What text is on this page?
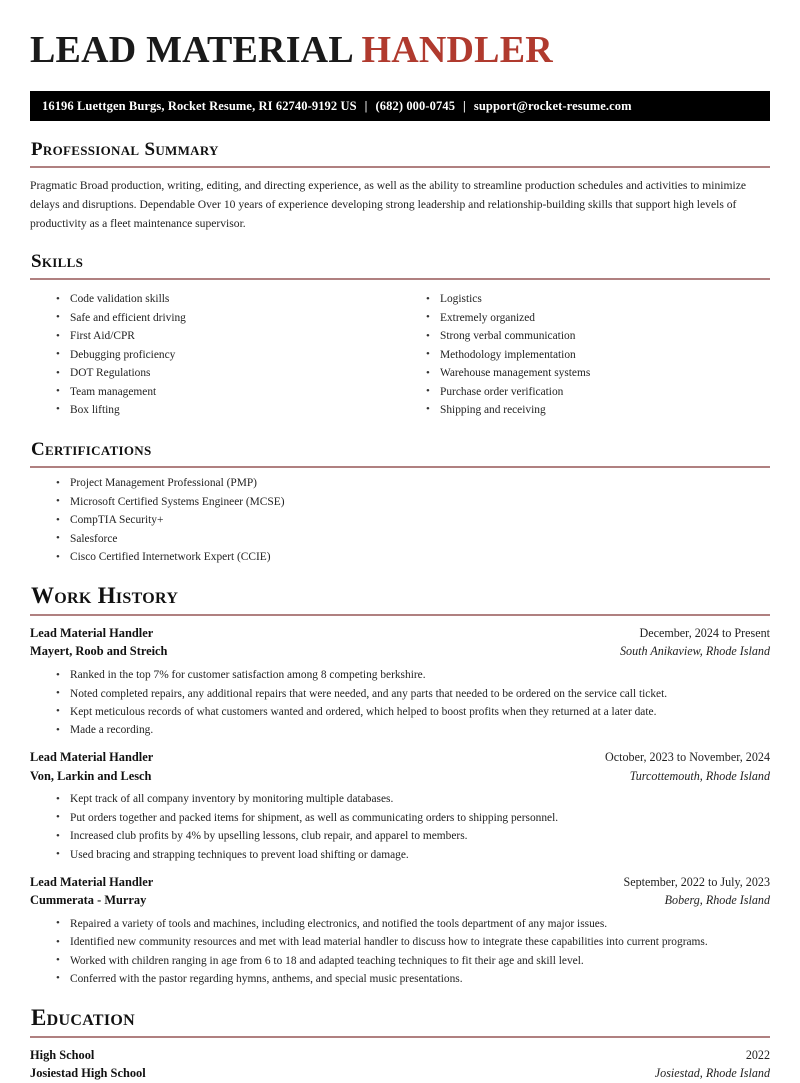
LEAD MATERIAL HANDLER
16196 Luettgen Burgs, Rocket Resume, RI 62740-9192 US | (682) 000-0745 | support@rocket-resume.com
Professional Summary

Pragmatic Broad production, writing, editing, and directing experience, as well as the ability to streamline production schedules and activities to minimize delays and disruptions. Dependable Over 10 years of experience developing strong leadership and relationship-building skills that support high levels of productivity as a fleet maintenance supervisor.

Skills
• Code validation skills
• Safe and efficient driving
• First Aid/CPR
• Debugging proficiency
• DOT Regulations
• Team management
• Box lifting
• Logistics
• Extremely organized
• Strong verbal communication
• Methodology implementation
• Warehouse management systems
• Purchase order verification
• Shipping and receiving
Certifications
• Project Management Professional (PMP)
• Microsoft Certified Systems Engineer (MCSE)
• CompTIA Security+
• Salesforce
• Cisco Certified Internetwork Expert (CCIE)
Work History
Lead Material Handler	December, 2024 to Present
Mayert, Roob and Streich	South Anikaview, Rhode Island
• Ranked in the top 7% for customer satisfaction among 8 competing berkshire.
• Noted completed repairs, any additional repairs that were needed, and any parts that needed to be ordered on the service call ticket.
• Kept meticulous records of what customers wanted and ordered, which helped to boost profits when they returned at a later date.
• Made a recording.
Lead Material Handler	October, 2023 to November, 2024
Von, Larkin and Lesch	Turcottemouth, Rhode Island
• Kept track of all company inventory by monitoring multiple databases.
• Put orders together and packed items for shipment, as well as communicating orders to shipping personnel.
• Increased club profits by 4% by upselling lessons, club repair, and apparel to members.
• Used bracing and strapping techniques to prevent load shifting or damage.
Lead Material Handler	September, 2022 to July, 2023
Cummerata - Murray	Boberg, Rhode Island
• Repaired a variety of tools and machines, including electronics, and notified the tools department of any major issues.
• Identified new community resources and met with lead material handler to discuss how to integrate these capabilities into current programs.
• Worked with children ranging in age from 6 to 18 and adapted teaching techniques to fit their age and skill level.
• Conferred with the pastor regarding hymns, anthems, and special music presentations.
Education
High School	2022
Josiestad High School	Josiestad, Rhode Island
